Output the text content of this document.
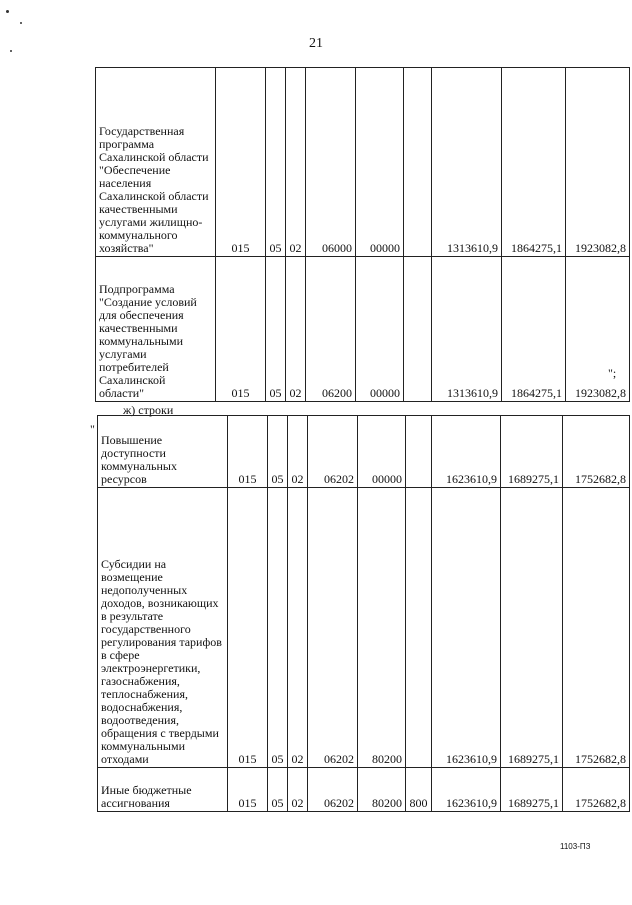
21
Государственная программа Сахалинской области "Обеспечение населения Сахалинской области качественными услугами жилищно-коммунального хозяйства"	015	05	02	06000	00000		1313610,9	1864275,1	1923082,8

Подпрограмма "Создание условий для обеспечения качественными коммунальными услугами потребителей Сахалинской области"	015	05	02	06200	00000		1313610,9	1864275,1	1923082,8
";
ж) строки
"
Повышение доступности коммунальных ресурсов	015	05	02	06202	00000		1623610,9	1689275,1	1752682,8

Субсидии на возмещение недополученных доходов, возникающих в результате государственного регулирования тарифов в сфере электроэнергетики, газоснабжения, теплоснабжения, водоснабжения, водоотведения, обращения с твердыми коммунальными отходами	015	05	02	06202	80200		1623610,9	1689275,1	1752682,8

Иные бюджетные ассигнования	015	05	02	06202	80200	800	1623610,9	1689275,1	1752682,8
1103-ПЗ
